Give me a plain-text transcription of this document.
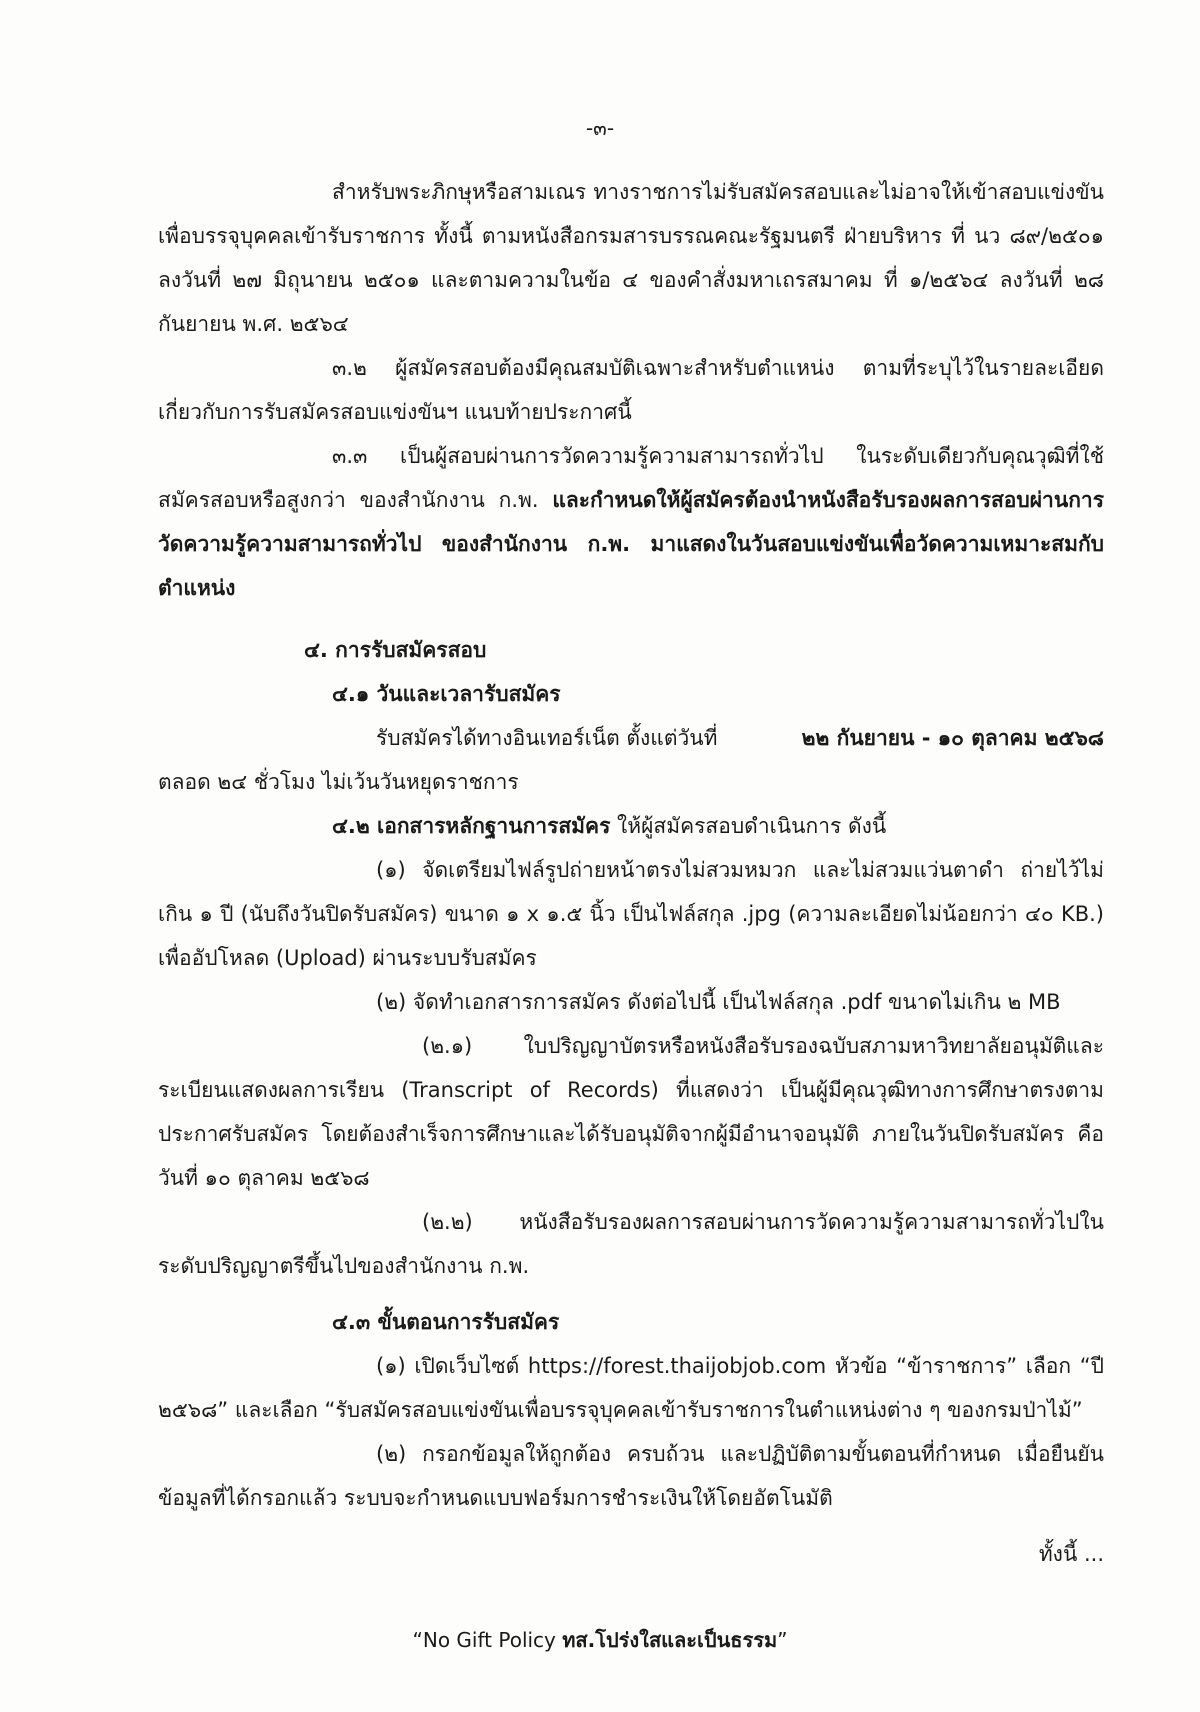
-๓-

สำหรับพระภิกษุหรือสามเณร ทางราชการไม่รับสมัครสอบและไม่อาจให้เข้าสอบแข่งขันเพื่อบรรจุบุคคลเข้ารับราชการ ทั้งนี้ ตามหนังสือกรมสารบรรณคณะรัฐมนตรี ฝ่ายบริหาร ที่ นว ๘๙/๒๕๐๑ ลงวันที่ ๒๗ มิถุนายน ๒๕๐๑ และตามความในข้อ ๔ ของคำสั่งมหาเถรสมาคม ที่ ๑/๒๕๖๔ ลงวันที่ ๒๘ กันยายน พ.ศ. ๒๕๖๔

๓.๒ ผู้สมัครสอบต้องมีคุณสมบัติเฉพาะสำหรับตำแหน่ง ตามที่ระบุไว้ในรายละเอียดเกี่ยวกับการรับสมัครสอบแข่งขันฯ แนบท้ายประกาศนี้

๓.๓ เป็นผู้สอบผ่านการวัดความรู้ความสามารถทั่วไป ในระดับเดียวกับคุณวุฒิที่ใช้สมัครสอบหรือสูงกว่า ของสำนักงาน ก.พ. และกำหนดให้ผู้สมัครต้องนำหนังสือรับรองผลการสอบผ่านการวัดความรู้ความสามารถทั่วไป ของสำนักงาน ก.พ. มาแสดงในวันสอบแข่งขันเพื่อวัดความเหมาะสมกับตำแหน่ง

๔. การรับสมัครสอบ

๔.๑ วันและเวลารับสมัคร

รับสมัครได้ทางอินเทอร์เน็ต ตั้งแต่วันที่	๒๒ กันยายน - ๑๐ ตุลาคม ๒๕๖๘

ตลอด ๒๔ ชั่วโมง ไม่เว้นวันหยุดราชการ

๔.๒ เอกสารหลักฐานการสมัคร ให้ผู้สมัครสอบดำเนินการ ดังนี้

(๑) จัดเตรียมไฟล์รูปถ่ายหน้าตรงไม่สวมหมวก และไม่สวมแว่นตาดำ ถ่ายไว้ไม่เกิน ๑ ปี (นับถึงวันปิดรับสมัคร) ขนาด ๑ x ๑.๕ นิ้ว เป็นไฟล์สกุล .jpg (ความละเอียดไม่น้อยกว่า ๔๐ KB.) เพื่ออัปโหลด (Upload) ผ่านระบบรับสมัคร

(๒) จัดทำเอกสารการสมัคร ดังต่อไปนี้ เป็นไฟล์สกุล .pdf ขนาดไม่เกิน ๒ MB

(๒.๑) ใบปริญญาบัตรหรือหนังสือรับรองฉบับสภามหาวิทยาลัยอนุมัติและระเบียนแสดงผลการเรียน (Transcript of Records) ที่แสดงว่า เป็นผู้มีคุณวุฒิทางการศึกษาตรงตามประกาศรับสมัคร โดยต้องสำเร็จการศึกษาและได้รับอนุมัติจากผู้มีอำนาจอนุมัติ ภายในวันปิดรับสมัคร คือ วันที่ ๑๐ ตุลาคม ๒๕๖๘

(๒.๒) หนังสือรับรองผลการสอบผ่านการวัดความรู้ความสามารถทั่วไปในระดับปริญญาตรีขึ้นไปของสำนักงาน ก.พ.

๔.๓ ขั้นตอนการรับสมัคร

(๑) เปิดเว็บไซต์ https://forest.thaijobjob.com หัวข้อ “ข้าราชการ” เลือก “ปี ๒๕๖๘” และเลือก “รับสมัครสอบแข่งขันเพื่อบรรจุบุคคลเข้ารับราชการในตำแหน่งต่าง ๆ ของกรมป่าไม้”

(๒) กรอกข้อมูลให้ถูกต้อง ครบถ้วน และปฏิบัติตามขั้นตอนที่กำหนด เมื่อยืนยันข้อมูลที่ได้กรอกแล้ว ระบบจะกำหนดแบบฟอร์มการชำระเงินให้โดยอัตโนมัติ

ทั้งนี้ ...
“No Gift Policy ทส.โปร่งใสและเป็นธรรม”
